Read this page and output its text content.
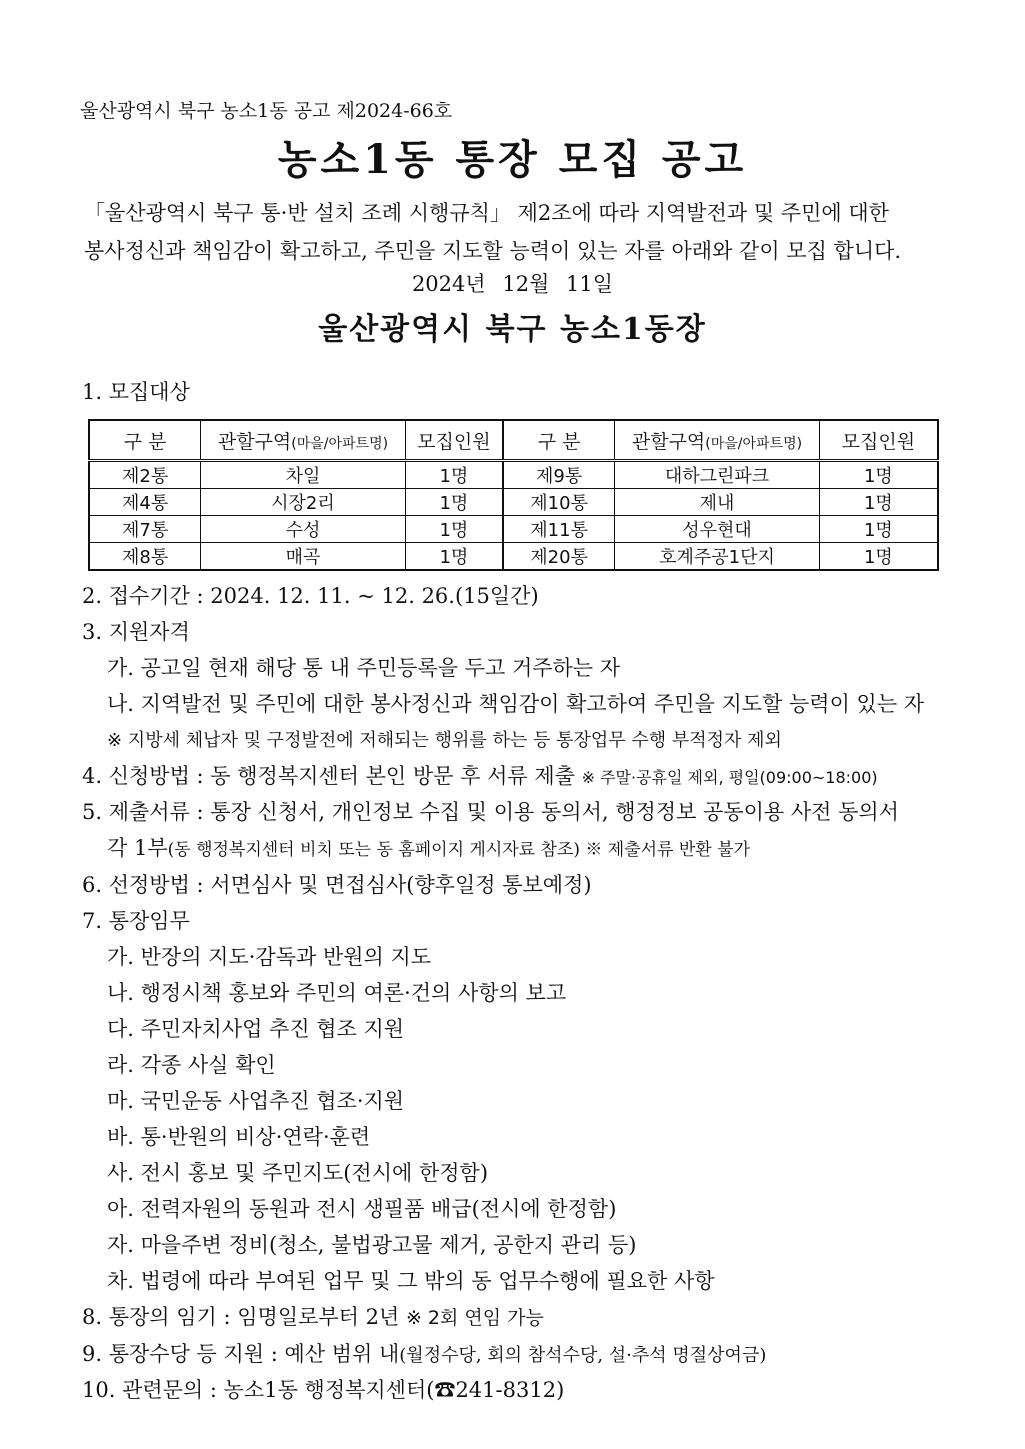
울산광역시 북구 농소1동 공고 제2024-66호
농소1동 통장 모집 공고

「울산광역시 북구 통·반 설치 조례 시행규칙」 제2조에 따라 지역발전과 및 주민에 대한

봉사정신과 책임감이 확고하고, 주민을 지도할 능력이 있는 자를 아래와 같이 모집 합니다.

2024년 12월 11일
울산광역시 북구 농소1동장
1. 모집대상
구 분	관할구역(마을/아파트명)	모집인원	구 분	관할구역(마을/아파트명)	모집인원
제2통	차일	1명	제9통	대하그린파크	1명
제4통	시장2리	1명	제10통	제내	1명
제7통	수성	1명	제11통	성우현대	1명
제8통	매곡	1명	제20통	호계주공1단지	1명
2. 접수기간 : 2024. 12. 11. ~ 12. 26.(15일간)
3. 지원자격
가. 공고일 현재 해당 통 내 주민등록을 두고 거주하는 자
나. 지역발전 및 주민에 대한 봉사정신과 책임감이 확고하여 주민을 지도할 능력이 있는 자
※ 지방세 체납자 및 구정발전에 저해되는 행위를 하는 등 통장업무 수행 부적정자 제외
4. 신청방법 : 동 행정복지센터 본인 방문 후 서류 제출 ※ 주말·공휴일 제외, 평일(09:00~18:00)
5. 제출서류 : 통장 신청서, 개인정보 수집 및 이용 동의서, 행정정보 공동이용 사전 동의서
각 1부(동 행정복지센터 비치 또는 동 홈페이지 게시자료 참조) ※ 제출서류 반환 불가
6. 선정방법 : 서면심사 및 면접심사(향후일정 통보예정)
7. 통장임무
가. 반장의 지도·감독과 반원의 지도
나. 행정시책 홍보와 주민의 여론·건의 사항의 보고
다. 주민자치사업 추진 협조 지원
라. 각종 사실 확인
마. 국민운동 사업추진 협조·지원
바. 통·반원의 비상·연락·훈련
사. 전시 홍보 및 주민지도(전시에 한정함)
아. 전력자원의 동원과 전시 생필품 배급(전시에 한정함)
자. 마을주변 정비(청소, 불법광고물 제거, 공한지 관리 등)
차. 법령에 따라 부여된 업무 및 그 밖의 동 업무수행에 필요한 사항
8. 통장의 임기 : 임명일로부터 2년 ※ 2회 연임 가능
9. 통장수당 등 지원 : 예산 범위 내(월정수당, 회의 참석수당, 설·추석 명절상여금)
10. 관련문의 : 농소1동 행정복지센터(☎241-8312)
